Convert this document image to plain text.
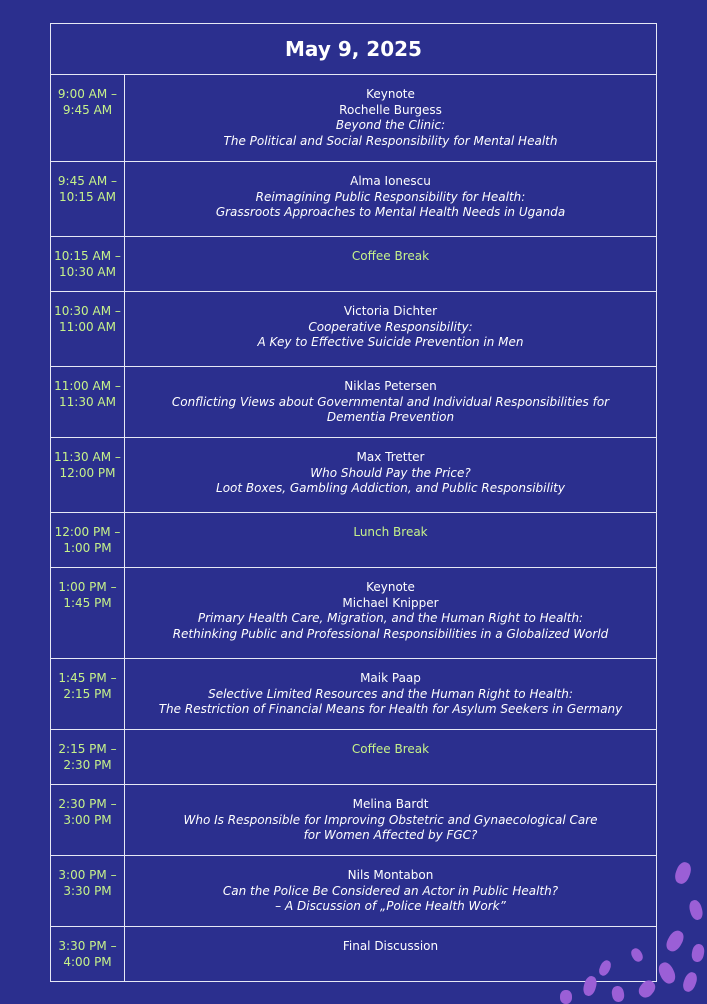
May 9, 2025
9:00 AM –
9:45 AM
Keynote
Rochelle Burgess
Beyond the Clinic:
The Political and Social Responsibility for Mental Health
9:45 AM –
10:15 AM
Alma Ionescu
Reimagining Public Responsibility for Health:
Grassroots Approaches to Mental Health Needs in Uganda
10:15 AM –
10:30 AM
Coffee Break
10:30 AM –
11:00 AM
Victoria Dichter
Cooperative Responsibility:
A Key to Effective Suicide Prevention in Men
11:00 AM –
11:30 AM
Niklas Petersen
Conflicting Views about Governmental and Individual Responsibilities for
Dementia Prevention
11:30 AM –
12:00 PM
Max Tretter
Who Should Pay the Price?
Loot Boxes, Gambling Addiction, and Public Responsibility
12:00 PM –
1:00 PM
Lunch Break
1:00 PM –
1:45 PM
Keynote
Michael Knipper
Primary Health Care, Migration, and the Human Right to Health:
Rethinking Public and Professional Responsibilities in a Globalized World
1:45 PM –
2:15 PM
Maik Paap
Selective Limited Resources and the Human Right to Health:
The Restriction of Financial Means for Health for Asylum Seekers in Germany
2:15 PM –
2:30 PM
Coffee Break
2:30 PM –
3:00 PM
Melina Bardt
Who Is Responsible for Improving Obstetric and Gynaecological Care
for Women Affected by FGC?
3:00 PM –
3:30 PM
Nils Montabon
Can the Police Be Considered an Actor in Public Health?
– A Discussion of „Police Health Work”
3:30 PM –
4:00 PM
Final Discussion
